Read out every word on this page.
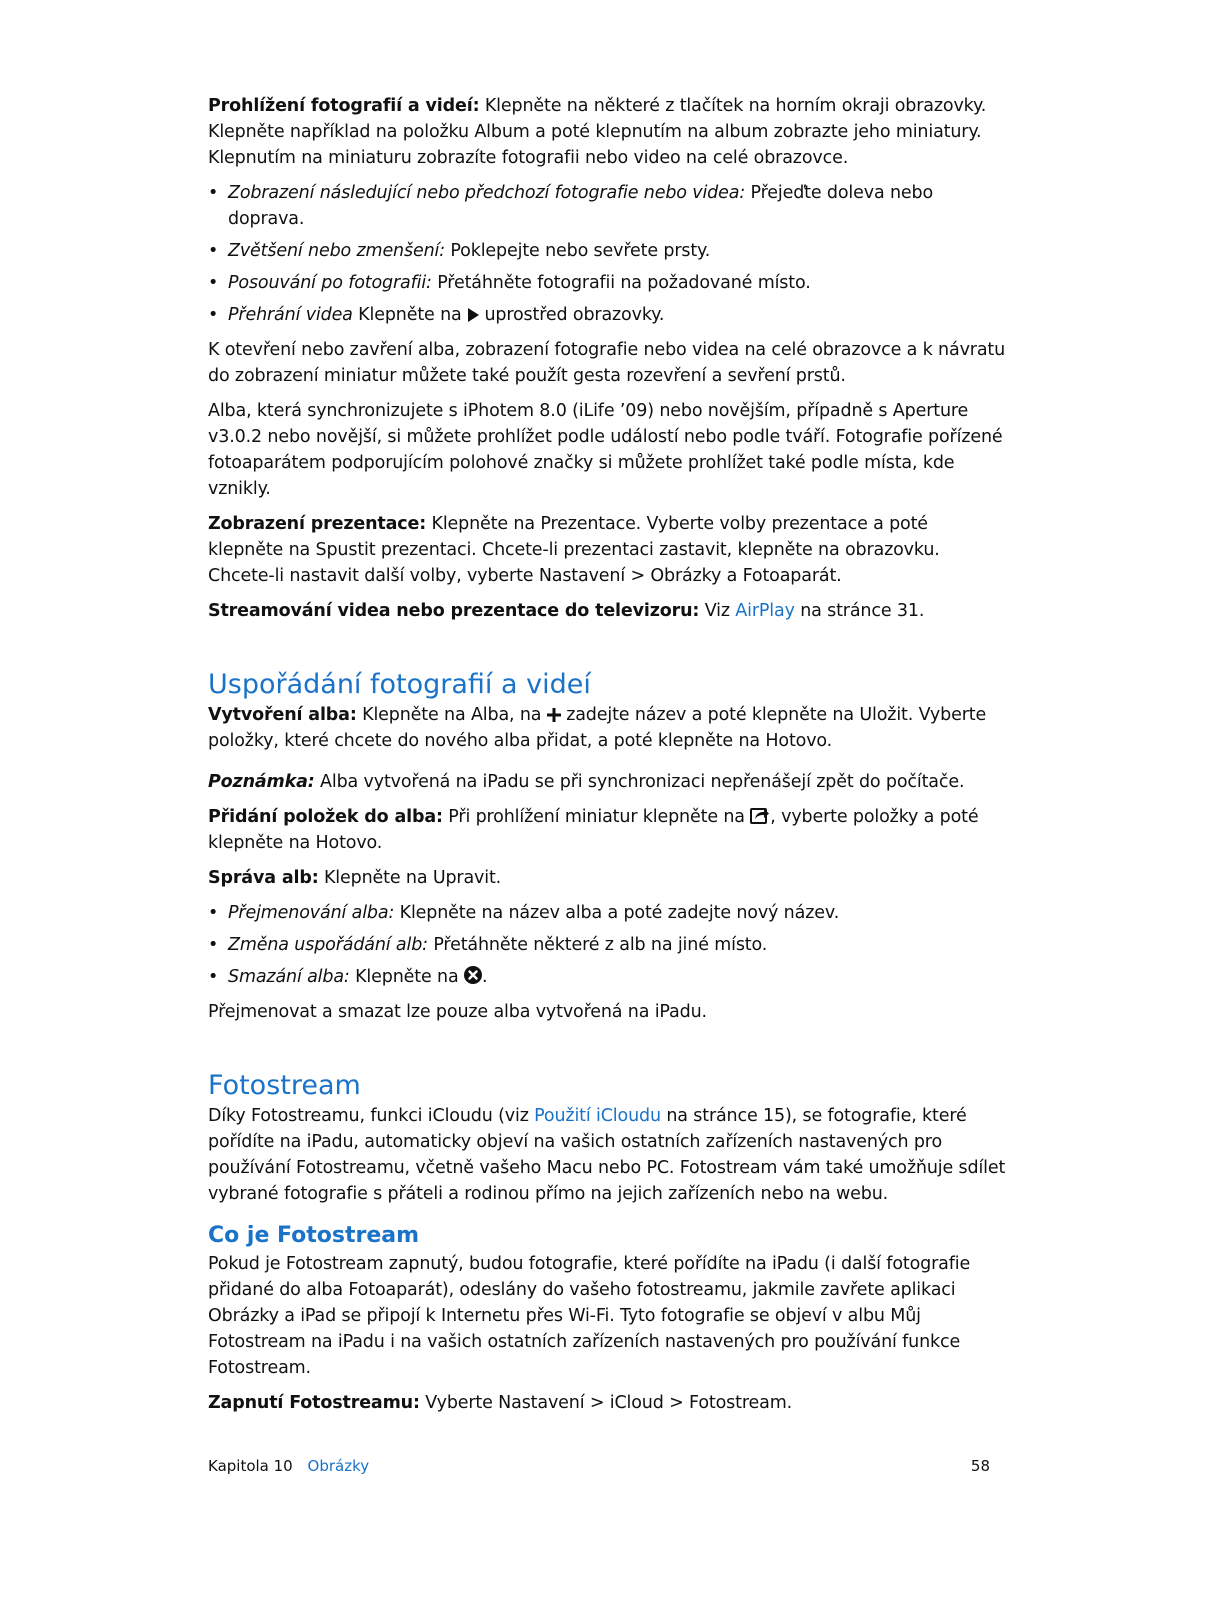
Prohlížení fotografií a videí: Klepněte na některé z tlačítek na horním okraji obrazovky. Klepněte například na položku Album a poté klepnutím na album zobrazte jeho miniatury. Klepnutím na miniaturu zobrazíte fotografii nebo video na celé obrazovce.

• Zobrazení následující nebo předchozí fotografie nebo videa: Přejeďte doleva nebo doprava.
• Zvětšení nebo zmenšení: Poklepejte nebo sevřete prsty.
• Posouvání po fotografii: Přetáhněte fotografii na požadované místo.
• Přehrání videa Klepněte na  uprostřed obrazovky.

K otevření nebo zavření alba, zobrazení fotografie nebo videa na celé obrazovce a k návratu do zobrazení miniatur můžete také použít gesta rozevření a sevření prstů.

Alba, která synchronizujete s iPhotem 8.0 (iLife ’09) nebo novějším, případně s Aperture v3.0.2 nebo novější, si můžete prohlížet podle událostí nebo podle tváří. Fotografie pořízené fotoaparátem podporujícím polohové značky si můžete prohlížet také podle místa, kde vznikly.

Zobrazení prezentace: Klepněte na Prezentace. Vyberte volby prezentace a poté klepněte na Spustit prezentaci. Chcete-li prezentaci zastavit, klepněte na obrazovku. Chcete-li nastavit další volby, vyberte Nastavení > Obrázky a Fotoaparát.

Streamování videa nebo prezentace do televizoru: Viz AirPlay na stránce 31.

Uspořádání fotografií a videí

Vytvoření alba: Klepněte na Alba, na  zadejte název a poté klepněte na Uložit. Vyberte položky, které chcete do nového alba přidat, a poté klepněte na Hotovo.

Poznámka: Alba vytvořená na iPadu se při synchronizaci nepřenášejí zpět do počítače.

Přidání položek do alba: Při prohlížení miniatur klepněte na , vyberte položky a poté klepněte na Hotovo.

Správa alb: Klepněte na Upravit.

• Přejmenování alba: Klepněte na název alba a poté zadejte nový název.
• Změna uspořádání alb: Přetáhněte některé z alb na jiné místo.
• Smazání alba: Klepněte na .

Přejmenovat a smazat lze pouze alba vytvořená na iPadu.

Fotostream

Díky Fotostreamu, funkci iCloudu (viz Použití iCloudu na stránce 15), se fotografie, které pořídíte na iPadu, automaticky objeví na vašich ostatních zařízeních nastavených pro používání Fotostreamu, včetně vašeho Macu nebo PC. Fotostream vám také umožňuje sdílet vybrané fotografie s přáteli a rodinou přímo na jejich zařízeních nebo na webu.

Co je Fotostream

Pokud je Fotostream zapnutý, budou fotografie, které pořídíte na iPadu (i další fotografie přidané do alba Fotoaparát), odeslány do vašeho fotostreamu, jakmile zavřete aplikaci Obrázky a iPad se připojí k Internetu přes Wi-Fi. Tyto fotografie se objeví v albu Můj Fotostream na iPadu i na vašich ostatních zařízeních nastavených pro používání funkce Fotostream.

Zapnutí Fotostreamu: Vyberte Nastavení > iCloud > Fotostream.

Kapitola 10 Obrázky	58
